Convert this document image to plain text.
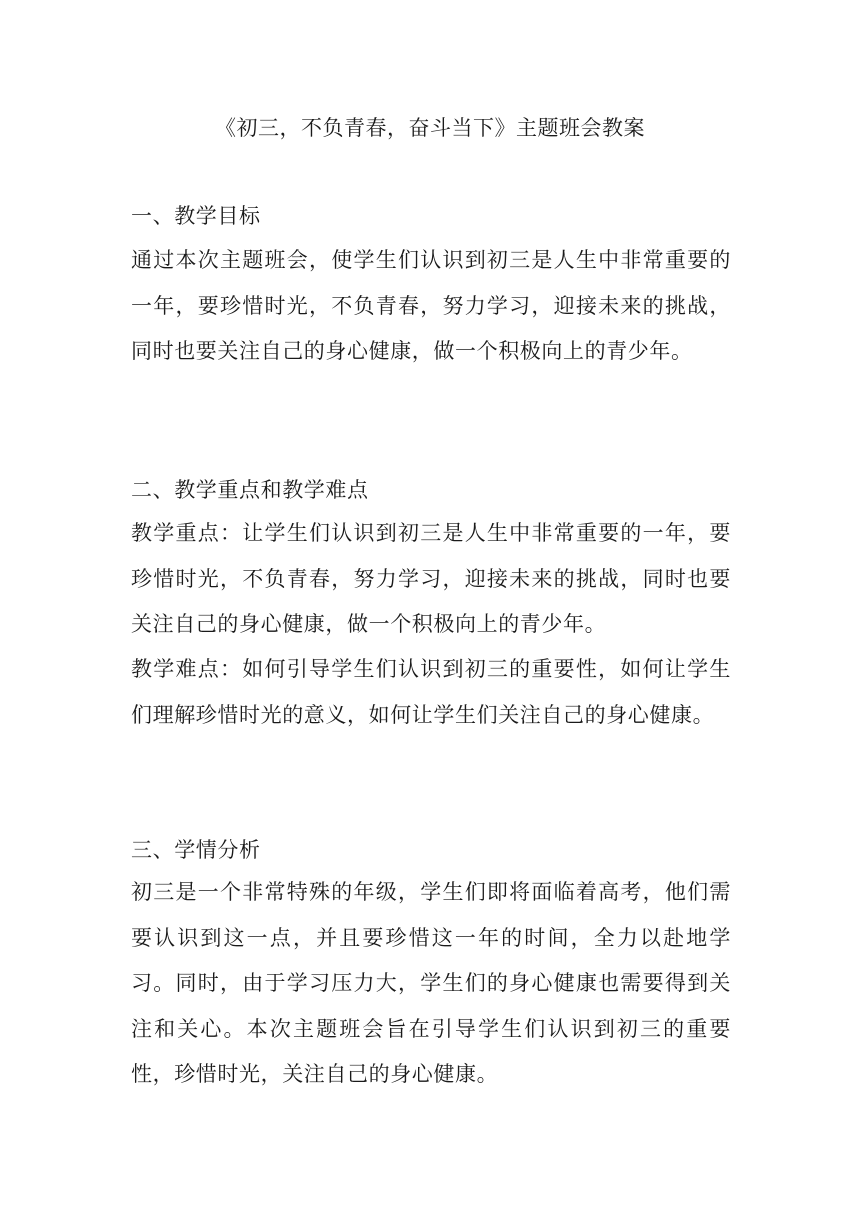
《初三，不负青春，奋斗当下》主题班会教案
一、教学目标

通过本次主题班会，使学生们认识到初三是人生中非常重要的一年，要珍惜时光，不负青春，努力学习，迎接未来的挑战，同时也要关注自己的身心健康，做一个积极向上的青少年。

二、教学重点和教学难点

教学重点：让学生们认识到初三是人生中非常重要的一年，要珍惜时光，不负青春，努力学习，迎接未来的挑战，同时也要关注自己的身心健康，做一个积极向上的青少年。

教学难点：如何引导学生们认识到初三的重要性，如何让学生们理解珍惜时光的意义，如何让学生们关注自己的身心健康。

三、学情分析

初三是一个非常特殊的年级，学生们即将面临着高考，他们需要认识到这一点，并且要珍惜这一年的时间，全力以赴地学习。同时，由于学习压力大，学生们的身心健康也需要得到关注和关心。本次主题班会旨在引导学生们认识到初三的重要性，珍惜时光，关注自己的身心健康。
